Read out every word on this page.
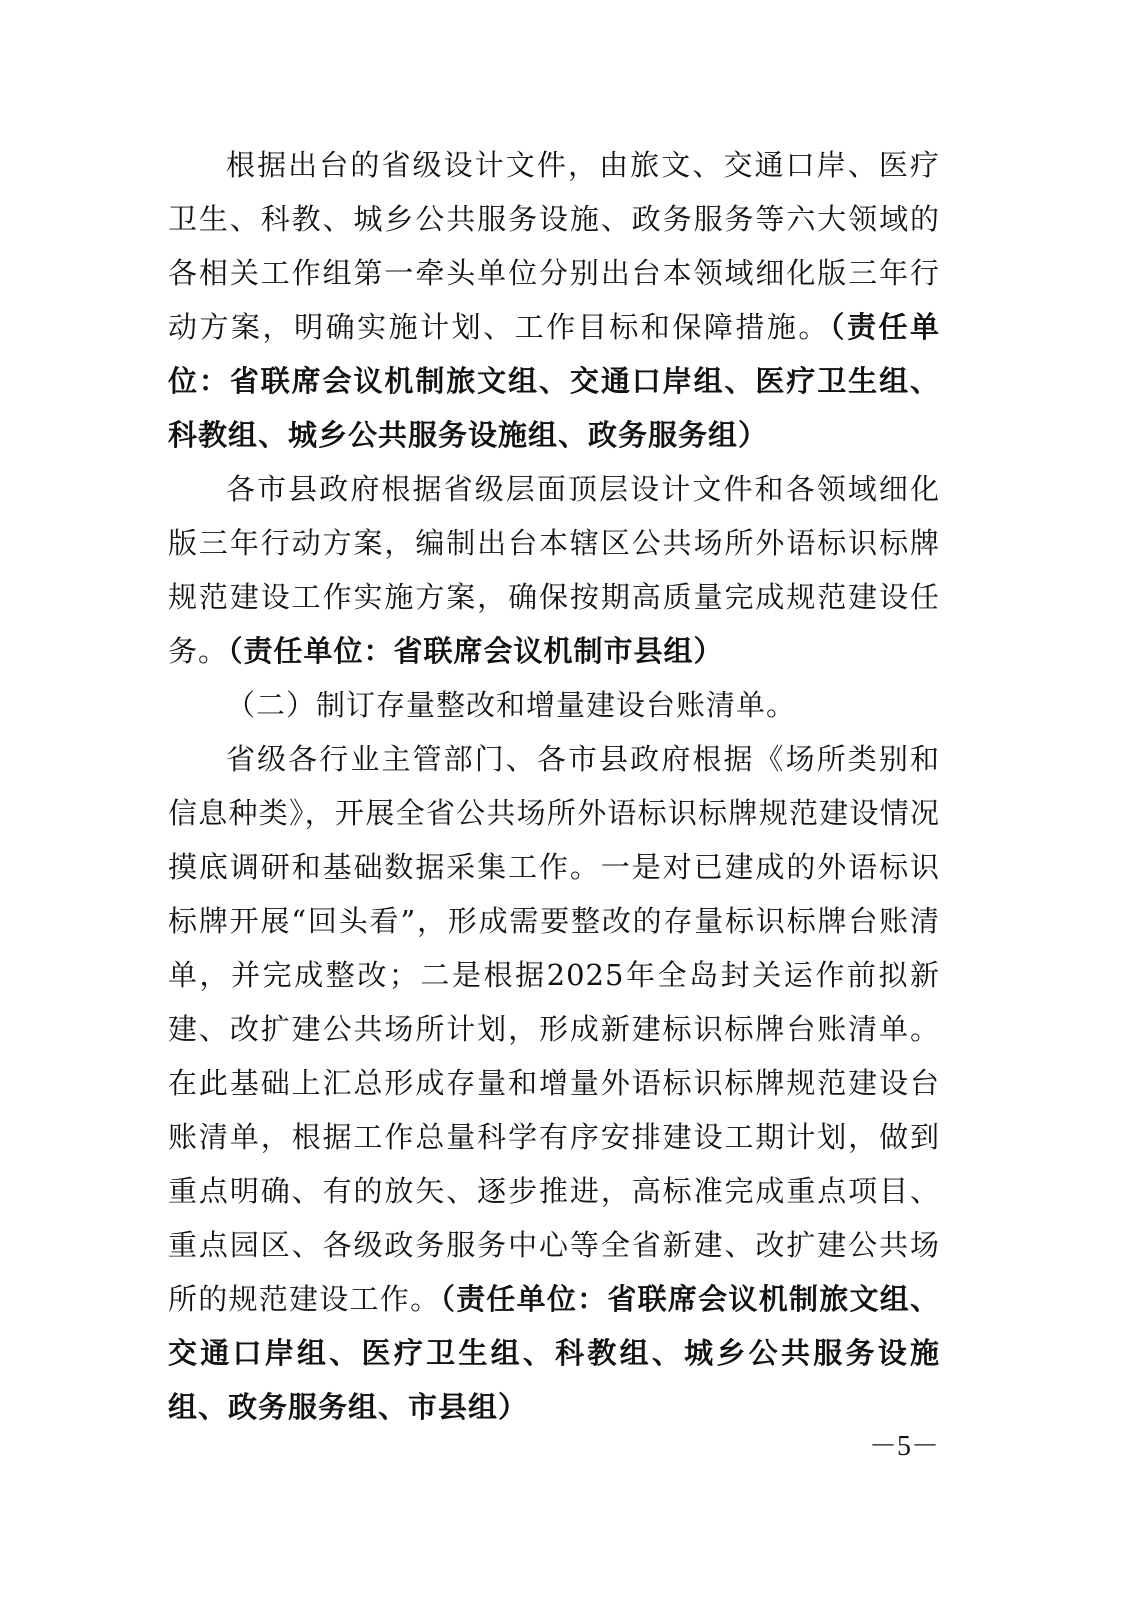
根据出台的省级设计文件，由旅文、交通口岸、医疗卫生、科教、城乡公共服务设施、政务服务等六大领域的各相关工作组第一牵头单位分别出台本领域细化版三年行动方案，明确实施计划、工作目标和保障措施。（责任单位：省联席会议机制旅文组、交通口岸组、医疗卫生组、科教组、城乡公共服务设施组、政务服务组）

各市县政府根据省级层面顶层设计文件和各领域细化版三年行动方案，编制出台本辖区公共场所外语标识标牌规范建设工作实施方案，确保按期高质量完成规范建设任务。（责任单位：省联席会议机制市县组）

（二）制订存量整改和增量建设台账清单。

省级各行业主管部门、各市县政府根据《场所类别和信息种类》，开展全省公共场所外语标识标牌规范建设情况摸底调研和基础数据采集工作。一是对已建成的外语标识标牌开展“回头看”，形成需要整改的存量标识标牌台账清单，并完成整改；二是根据2025年全岛封关运作前拟新建、改扩建公共场所计划，形成新建标识标牌台账清单。在此基础上汇总形成存量和增量外语标识标牌规范建设台账清单，根据工作总量科学有序安排建设工期计划，做到重点明确、有的放矢、逐步推进，高标准完成重点项目、重点园区、各级政务服务中心等全省新建、改扩建公共场所的规范建设工作。（责任单位：省联席会议机制旅文组、交通口岸组、医疗卫生组、科教组、城乡公共服务设施组、政务服务组、市县组）

－5－
